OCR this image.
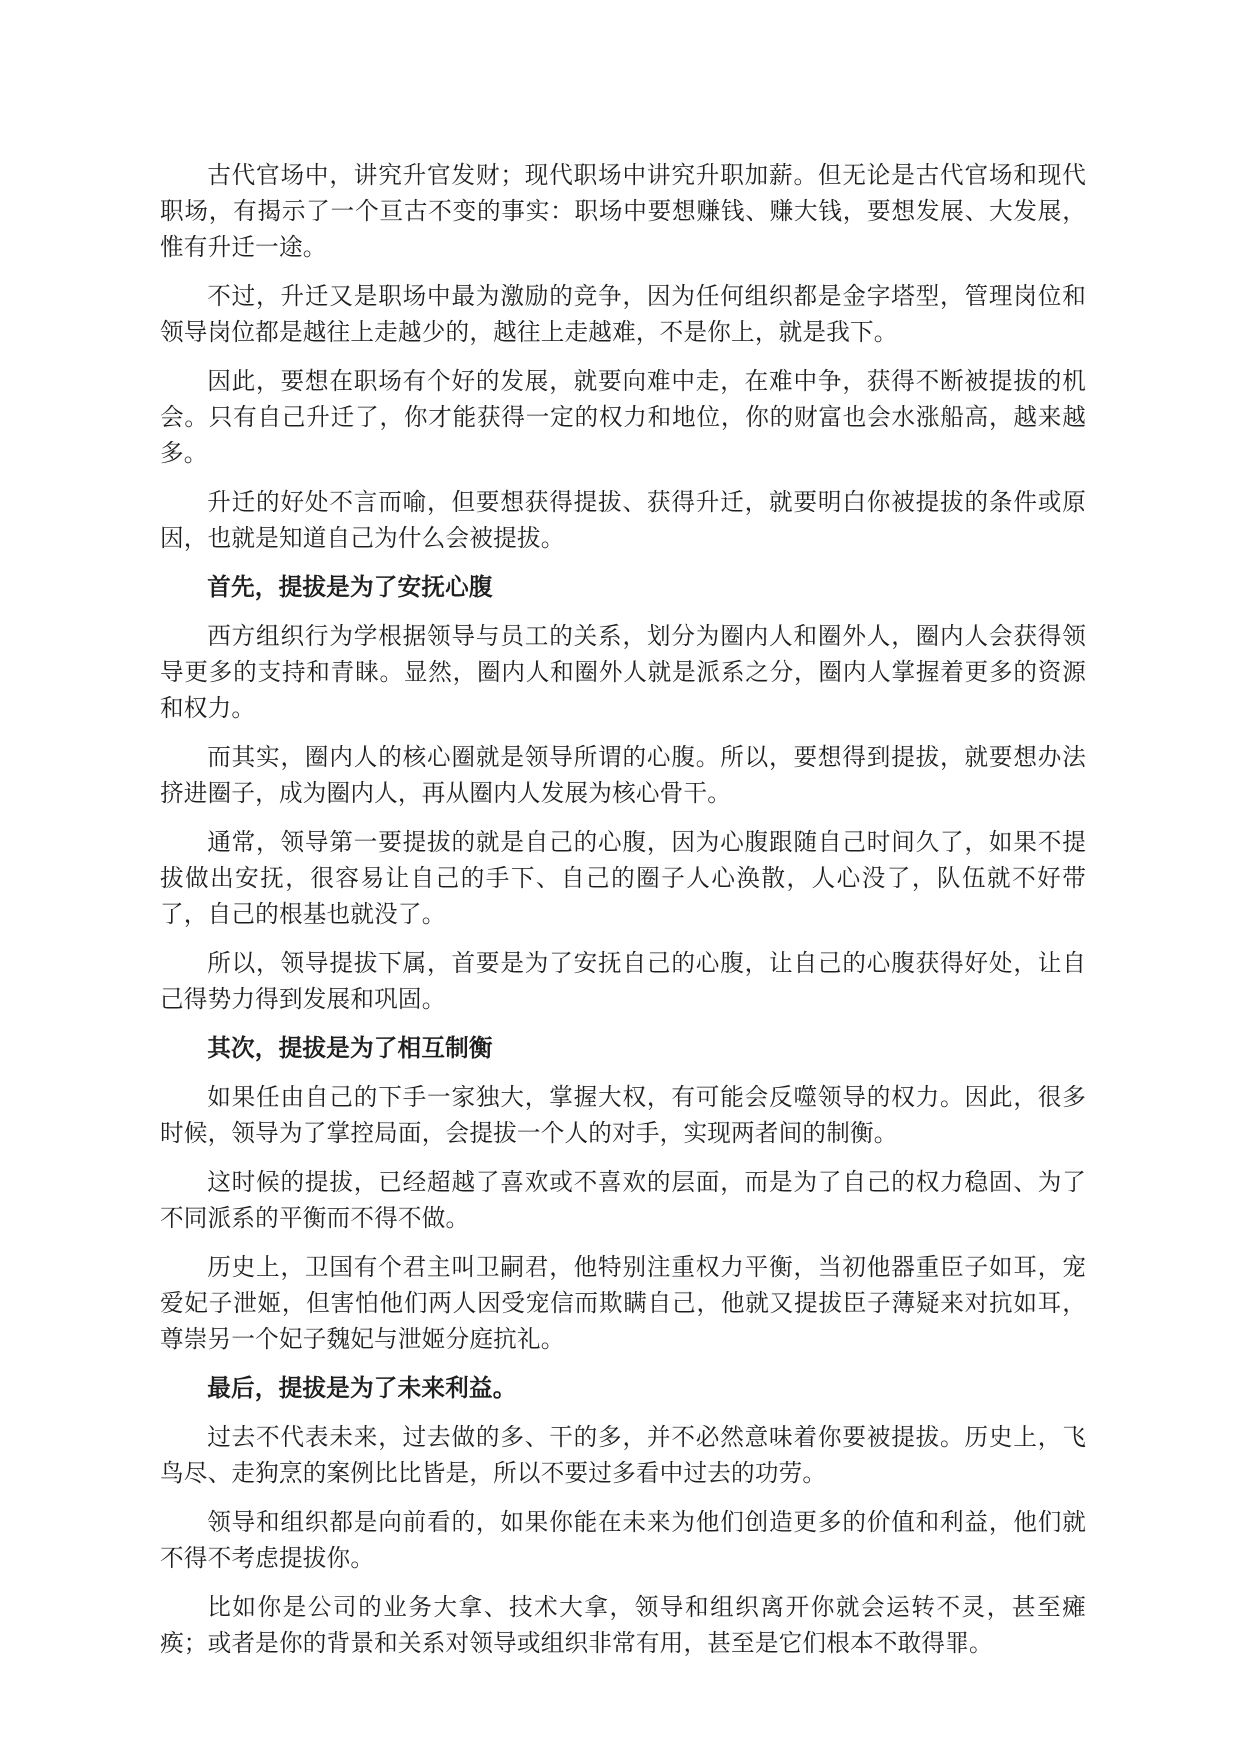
古代官场中，讲究升官发财；现代职场中讲究升职加薪。但无论是古代官场和现代职场，有揭示了一个亘古不变的事实：职场中要想赚钱、赚大钱，要想发展、大发展，惟有升迁一途。

不过，升迁又是职场中最为激励的竞争，因为任何组织都是金字塔型，管理岗位和领导岗位都是越往上走越少的，越往上走越难，不是你上，就是我下。

因此，要想在职场有个好的发展，就要向难中走，在难中争，获得不断被提拔的机会。只有自己升迁了，你才能获得一定的权力和地位，你的财富也会水涨船高，越来越多。

升迁的好处不言而喻，但要想获得提拔、获得升迁，就要明白你被提拔的条件或原因，也就是知道自己为什么会被提拔。

首先，提拔是为了安抚心腹

西方组织行为学根据领导与员工的关系，划分为圈内人和圈外人，圈内人会获得领导更多的支持和青睐。显然，圈内人和圈外人就是派系之分，圈内人掌握着更多的资源和权力。

而其实，圈内人的核心圈就是领导所谓的心腹。所以，要想得到提拔，就要想办法挤进圈子，成为圈内人，再从圈内人发展为核心骨干。

通常，领导第一要提拔的就是自己的心腹，因为心腹跟随自己时间久了，如果不提拔做出安抚，很容易让自己的手下、自己的圈子人心涣散，人心没了，队伍就不好带了，自己的根基也就没了。

所以，领导提拔下属，首要是为了安抚自己的心腹，让自己的心腹获得好处，让自己得势力得到发展和巩固。

其次，提拔是为了相互制衡

如果任由自己的下手一家独大，掌握大权，有可能会反噬领导的权力。因此，很多时候，领导为了掌控局面，会提拔一个人的对手，实现两者间的制衡。

这时候的提拔，已经超越了喜欢或不喜欢的层面，而是为了自己的权力稳固、为了不同派系的平衡而不得不做。

历史上，卫国有个君主叫卫嗣君，他特别注重权力平衡，当初他器重臣子如耳，宠爱妃子泄姬，但害怕他们两人因受宠信而欺瞒自己，他就又提拔臣子薄疑来对抗如耳，尊崇另一个妃子魏妃与泄姬分庭抗礼。

最后，提拔是为了未来利益。

过去不代表未来，过去做的多、干的多，并不必然意味着你要被提拔。历史上，飞鸟尽、走狗烹的案例比比皆是，所以不要过多看中过去的功劳。

领导和组织都是向前看的，如果你能在未来为他们创造更多的价值和利益，他们就不得不考虑提拔你。

比如你是公司的业务大拿、技术大拿，领导和组织离开你就会运转不灵，甚至瘫痪；或者是你的背景和关系对领导或组织非常有用，甚至是它们根本不敢得罪。
